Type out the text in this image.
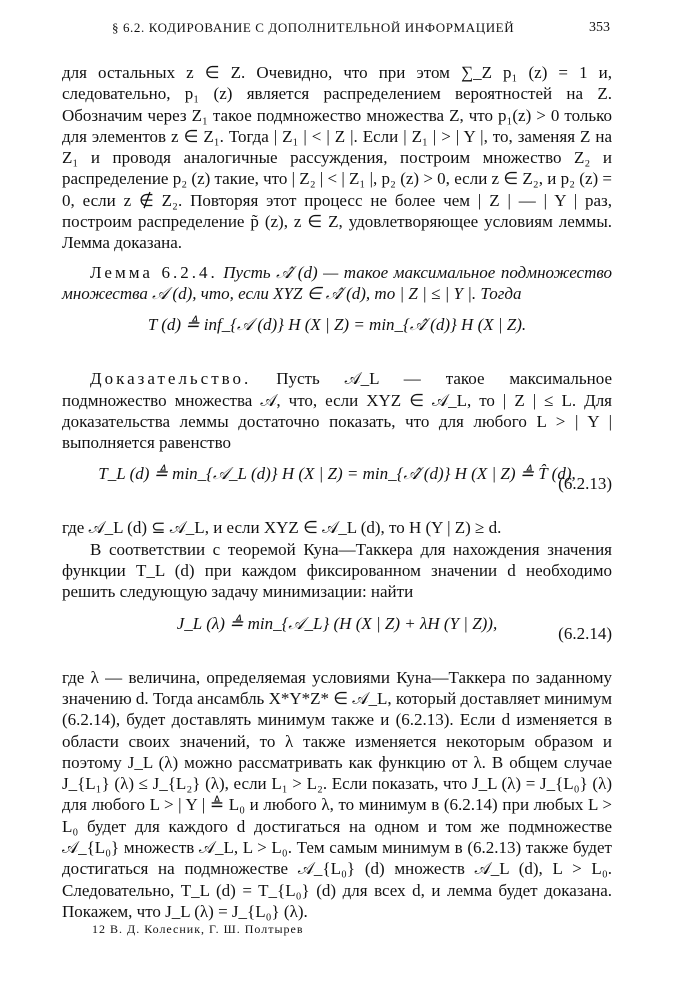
§ 6.2. КОДИРОВАНИЕ С ДОПОЛНИТЕЛЬНОЙ ИНФОРМАЦИЕЙ	353

для остальных z ∈ Z. Очевидно, что при этом ∑_Z p₁ (z) = 1 и, следовательно, p₁ (z) является распределением вероятностей на Z. Обозначим через Z₁ такое подмножество множества Z, что p₁(z) > 0 только для элементов z ∈ Z₁. Тогда | Z₁ | < | Z |. Если | Z₁ | > | Y |, то, заменяя Z на Z₁ и проводя аналогичные рассуждения, построим множество Z₂ и распределение p₂ (z) такие, что | Z₂ | < | Z₁ |, p₂ (z) > 0, если z ∈ Z₂, и p₂ (z) = 0, если z ∉ Z₂. Повторяя этот процесс не более чем | Z | — | Y | раз, построим распределение p̃ (z), z ∈ Z, удовлетворяющее условиям леммы. Лемма доказана.

Лемма 6.2.4. Пусть 𝒜̂ (d) — такое максимальное подмножество множества 𝒜 (d), что, если XYZ ∈ 𝒜̂ (d), то | Z | ≤ | Y |. Тогда

T (d) ≜ inf_{𝒜 (d)} H (X | Z) = min_{𝒜̂ (d)} H (X | Z).

Доказательство. Пусть 𝒜_L — такое максимальное подмножество множества 𝒜, что, если XYZ ∈ 𝒜_L, то | Z | ≤ L. Для доказательства леммы достаточно показать, что для любого L > | Y | выполняется равенство

T_L (d) ≜ min_{𝒜_L (d)} H (X | Z) = min_{𝒜̂ (d)} H (X | Z) ≜ T̂ (d),
(6.2.13)

где 𝒜_L (d) ⊆ 𝒜_L, и если XYZ ∈ 𝒜_L (d), то H (Y | Z) ≥ d.

В соответствии с теоремой Куна—Таккера для нахождения значения функции T_L (d) при каждом фиксированном значении d необходимо решить следующую задачу минимизации: найти

J_L (λ) ≜ min_{𝒜_L} (H (X | Z) + λH (Y | Z)),
(6.2.14)

где λ — величина, определяемая условиями Куна—Таккера по заданному значению d. Тогда ансамбль X*Y*Z* ∈ 𝒜_L, который доставляет минимум (6.2.14), будет доставлять минимум также и (6.2.13). Если d изменяется в области своих значений, то λ также изменяется некоторым образом и поэтому J_L (λ) можно рассматривать как функцию от λ. В общем случае J_{L₁} (λ) ≤ J_{L₂} (λ), если L₁ > L₂. Если показать, что J_L (λ) = J_{L₀} (λ) для любого L > | Y | ≜ L₀ и любого λ, то минимум в (6.2.14) при любых L > L₀ будет для каждого d достигаться на одном и том же подмножестве 𝒜_{L₀} множеств 𝒜_L, L > L₀. Тем самым минимум в (6.2.13) также будет достигаться на подмножестве 𝒜_{L₀} (d) множеств 𝒜_L (d), L > L₀. Следовательно, T_L (d) = T_{L₀} (d) для всех d, и лемма будет доказана. Покажем, что J_L (λ) = J_{L₀} (λ).

12 В. Д. Колесник, Г. Ш. Полтырев
